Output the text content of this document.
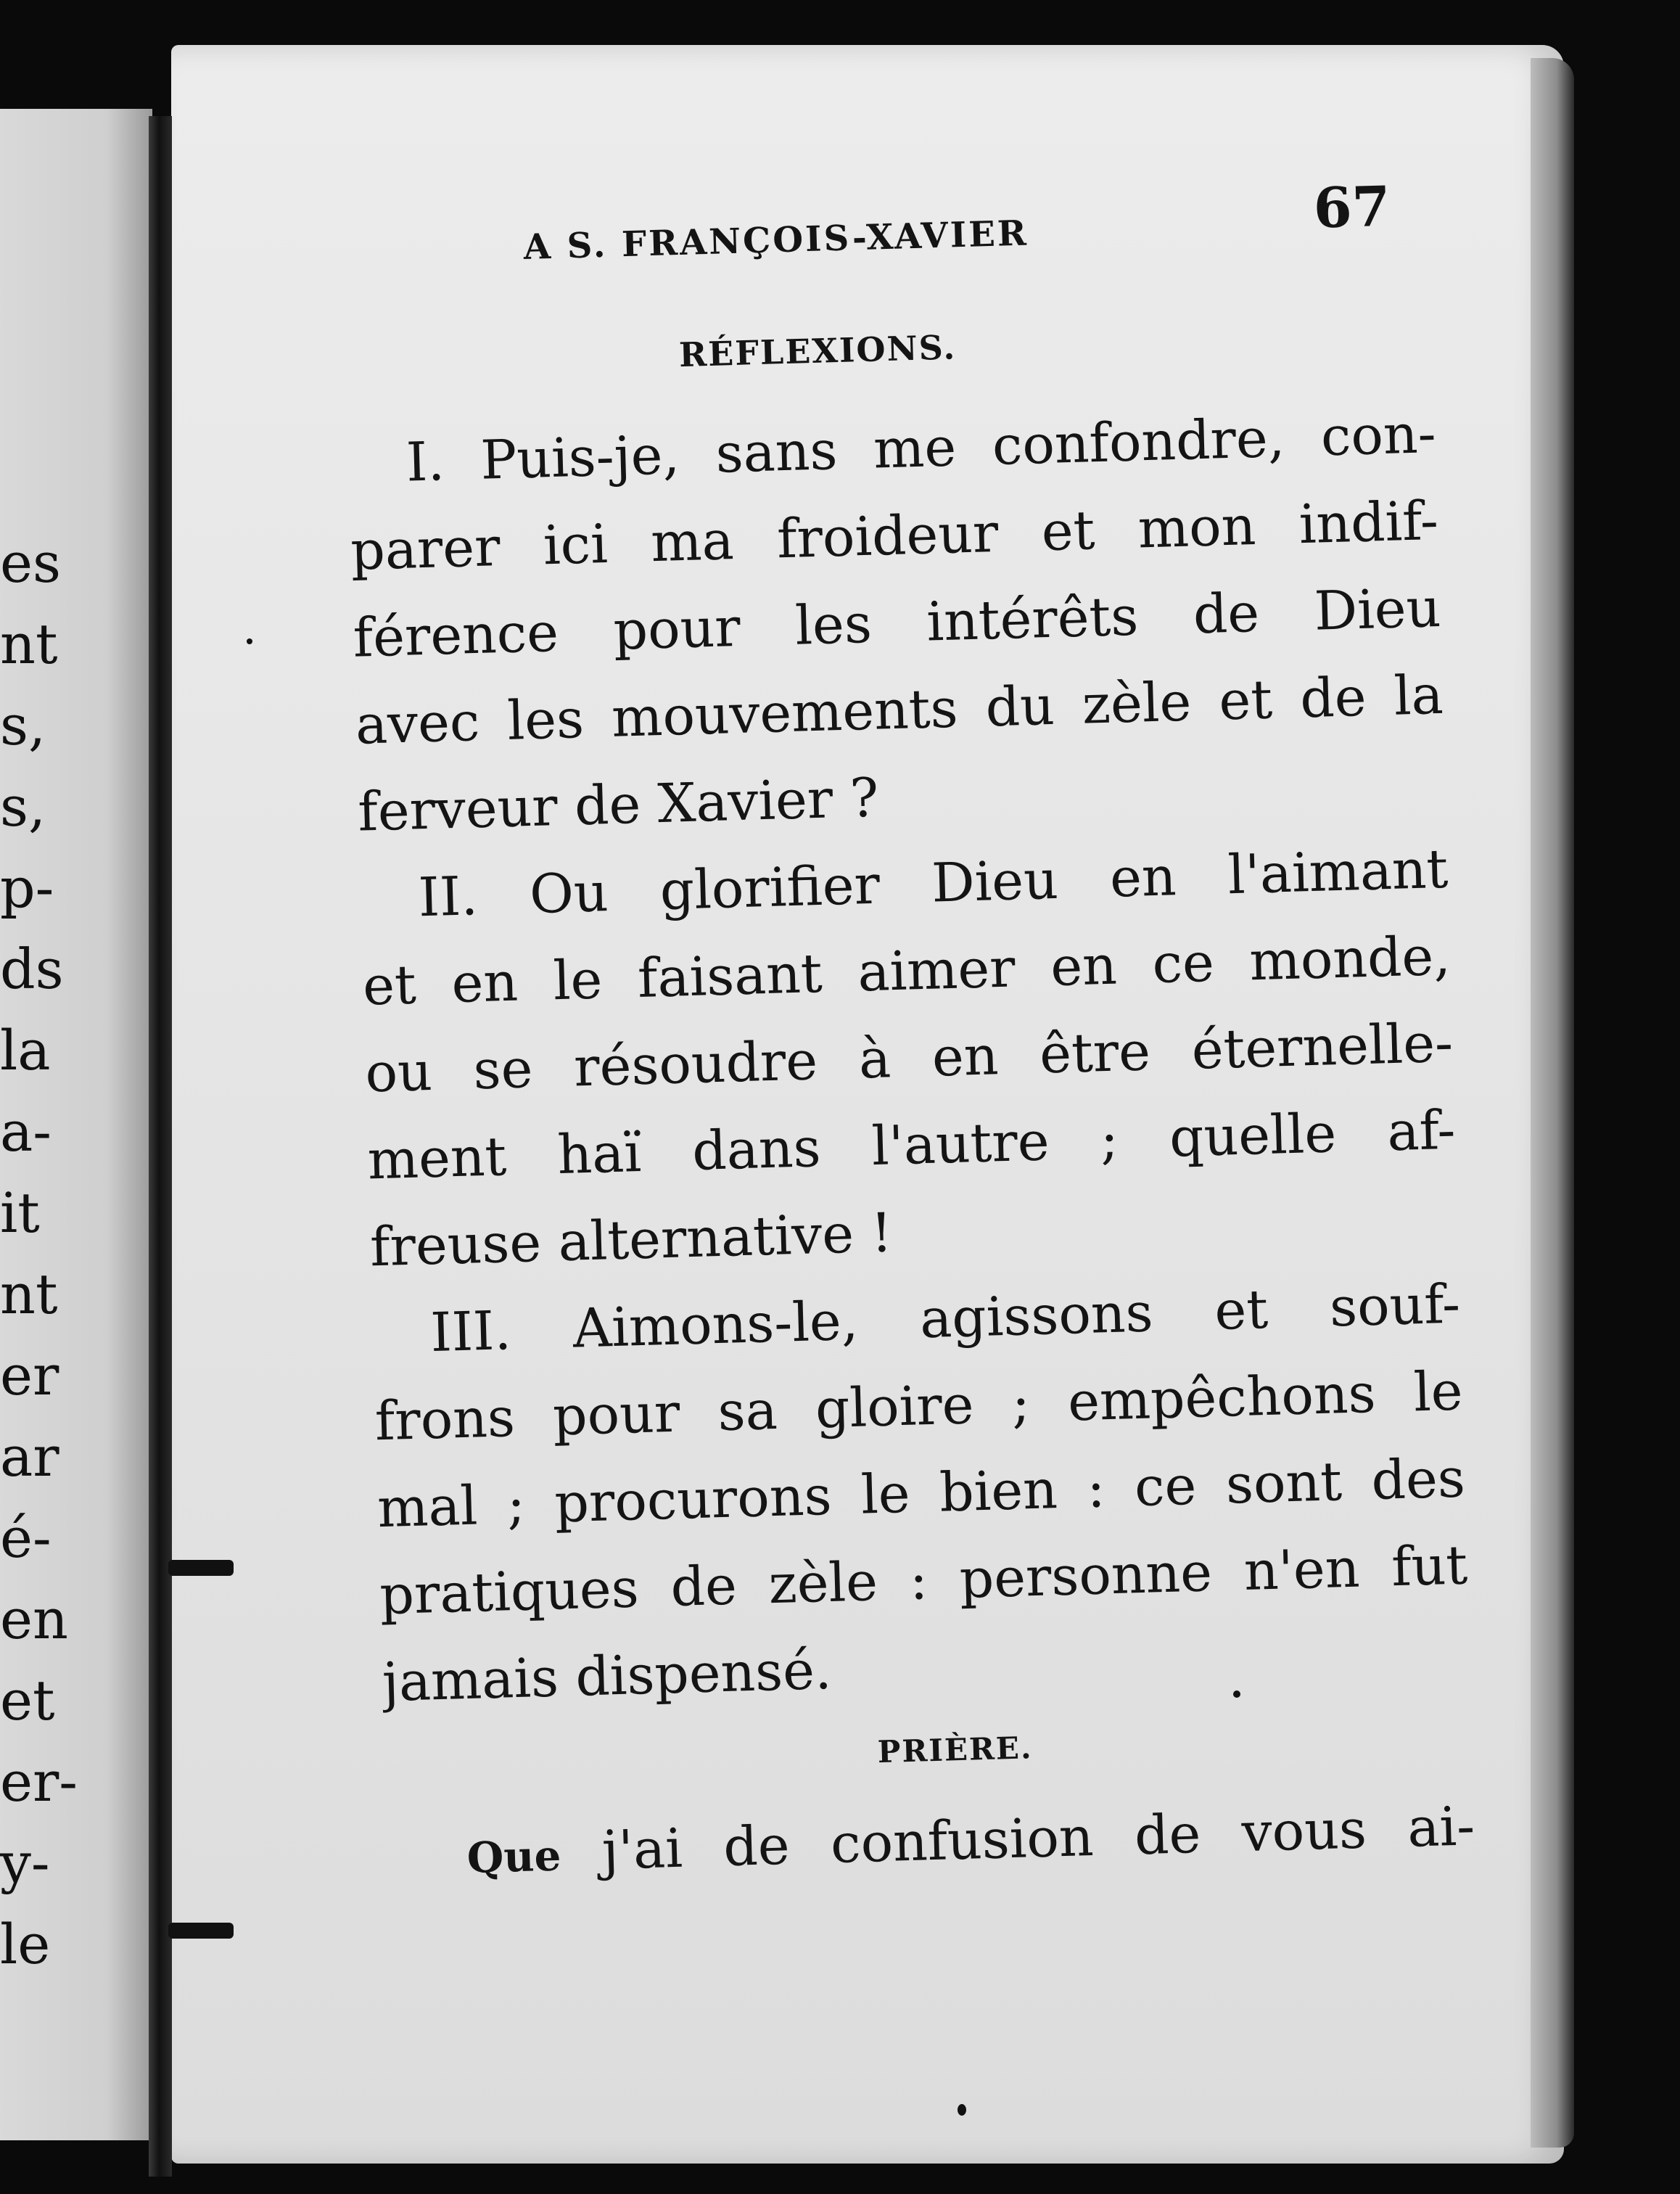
es
nt
s,
s,
p-
ds
la
a-
it
nt
er
ar
é-
en
et
er-
y-
le
A S. FRANÇOIS-XAVIER	67
RÉFLEXIONS.
I. Puis-je, sans me confondre, con-
parer ici ma froideur et mon indif-
férence pour les intérêts de Dieu
avec les mouvements du zèle et de la
ferveur de Xavier ?
II. Ou glorifier Dieu en l'aimant
et en le faisant aimer en ce monde,
ou se résoudre à en être éternelle-
ment haï dans l'autre ; quelle af-
freuse alternative !
III. Aimons-le, agissons et souf-
frons pour sa gloire ; empêchons le
mal ; procurons le bien : ce sont des
pratiques de zèle : personne n'en fut
jamais dispensé.
PRIÈRE.
Que j'ai de confusion de vous ai-
